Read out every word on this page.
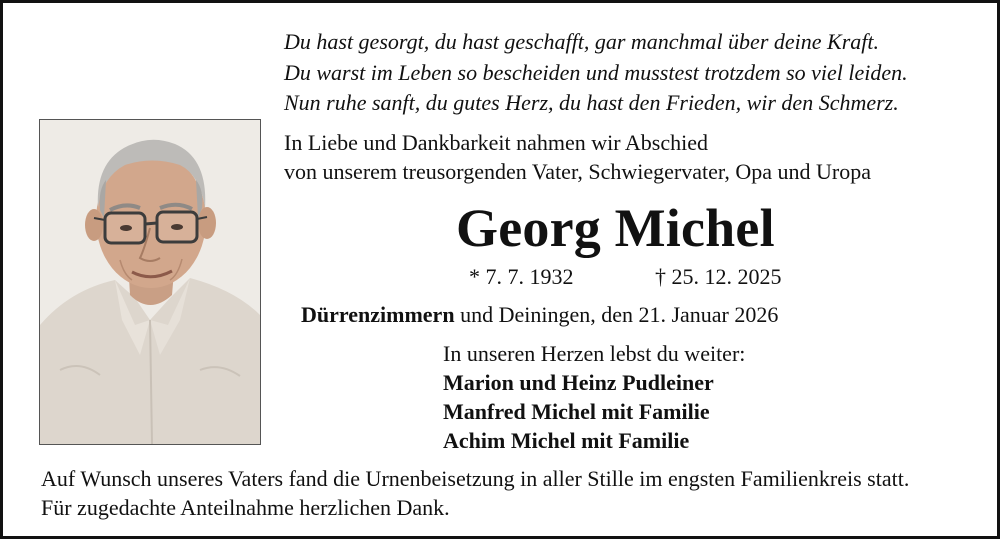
Du hast gesorgt, du hast geschafft, gar manchmal über deine Kraft.
Du warst im Leben so bescheiden und musstest trotzdem so viel leiden.
Nun ruhe sanft, du gutes Herz, du hast den Frieden, wir den Schmerz.
In Liebe und Dankbarkeit nahmen wir Abschied
von unserem treusorgenden Vater, Schwiegervater, Opa und Uropa
Georg Michel
* 7. 7. 1932	† 25. 12. 2025
Dürrenzimmern und Deiningen, den 21. Januar 2026
In unseren Herzen lebst du weiter:
Marion und Heinz Pudleiner
Manfred Michel mit Familie
Achim Michel mit Familie
Auf Wunsch unseres Vaters fand die Urnenbeisetzung in aller Stille im engsten Familienkreis statt.
Für zugedachte Anteilnahme herzlichen Dank.
